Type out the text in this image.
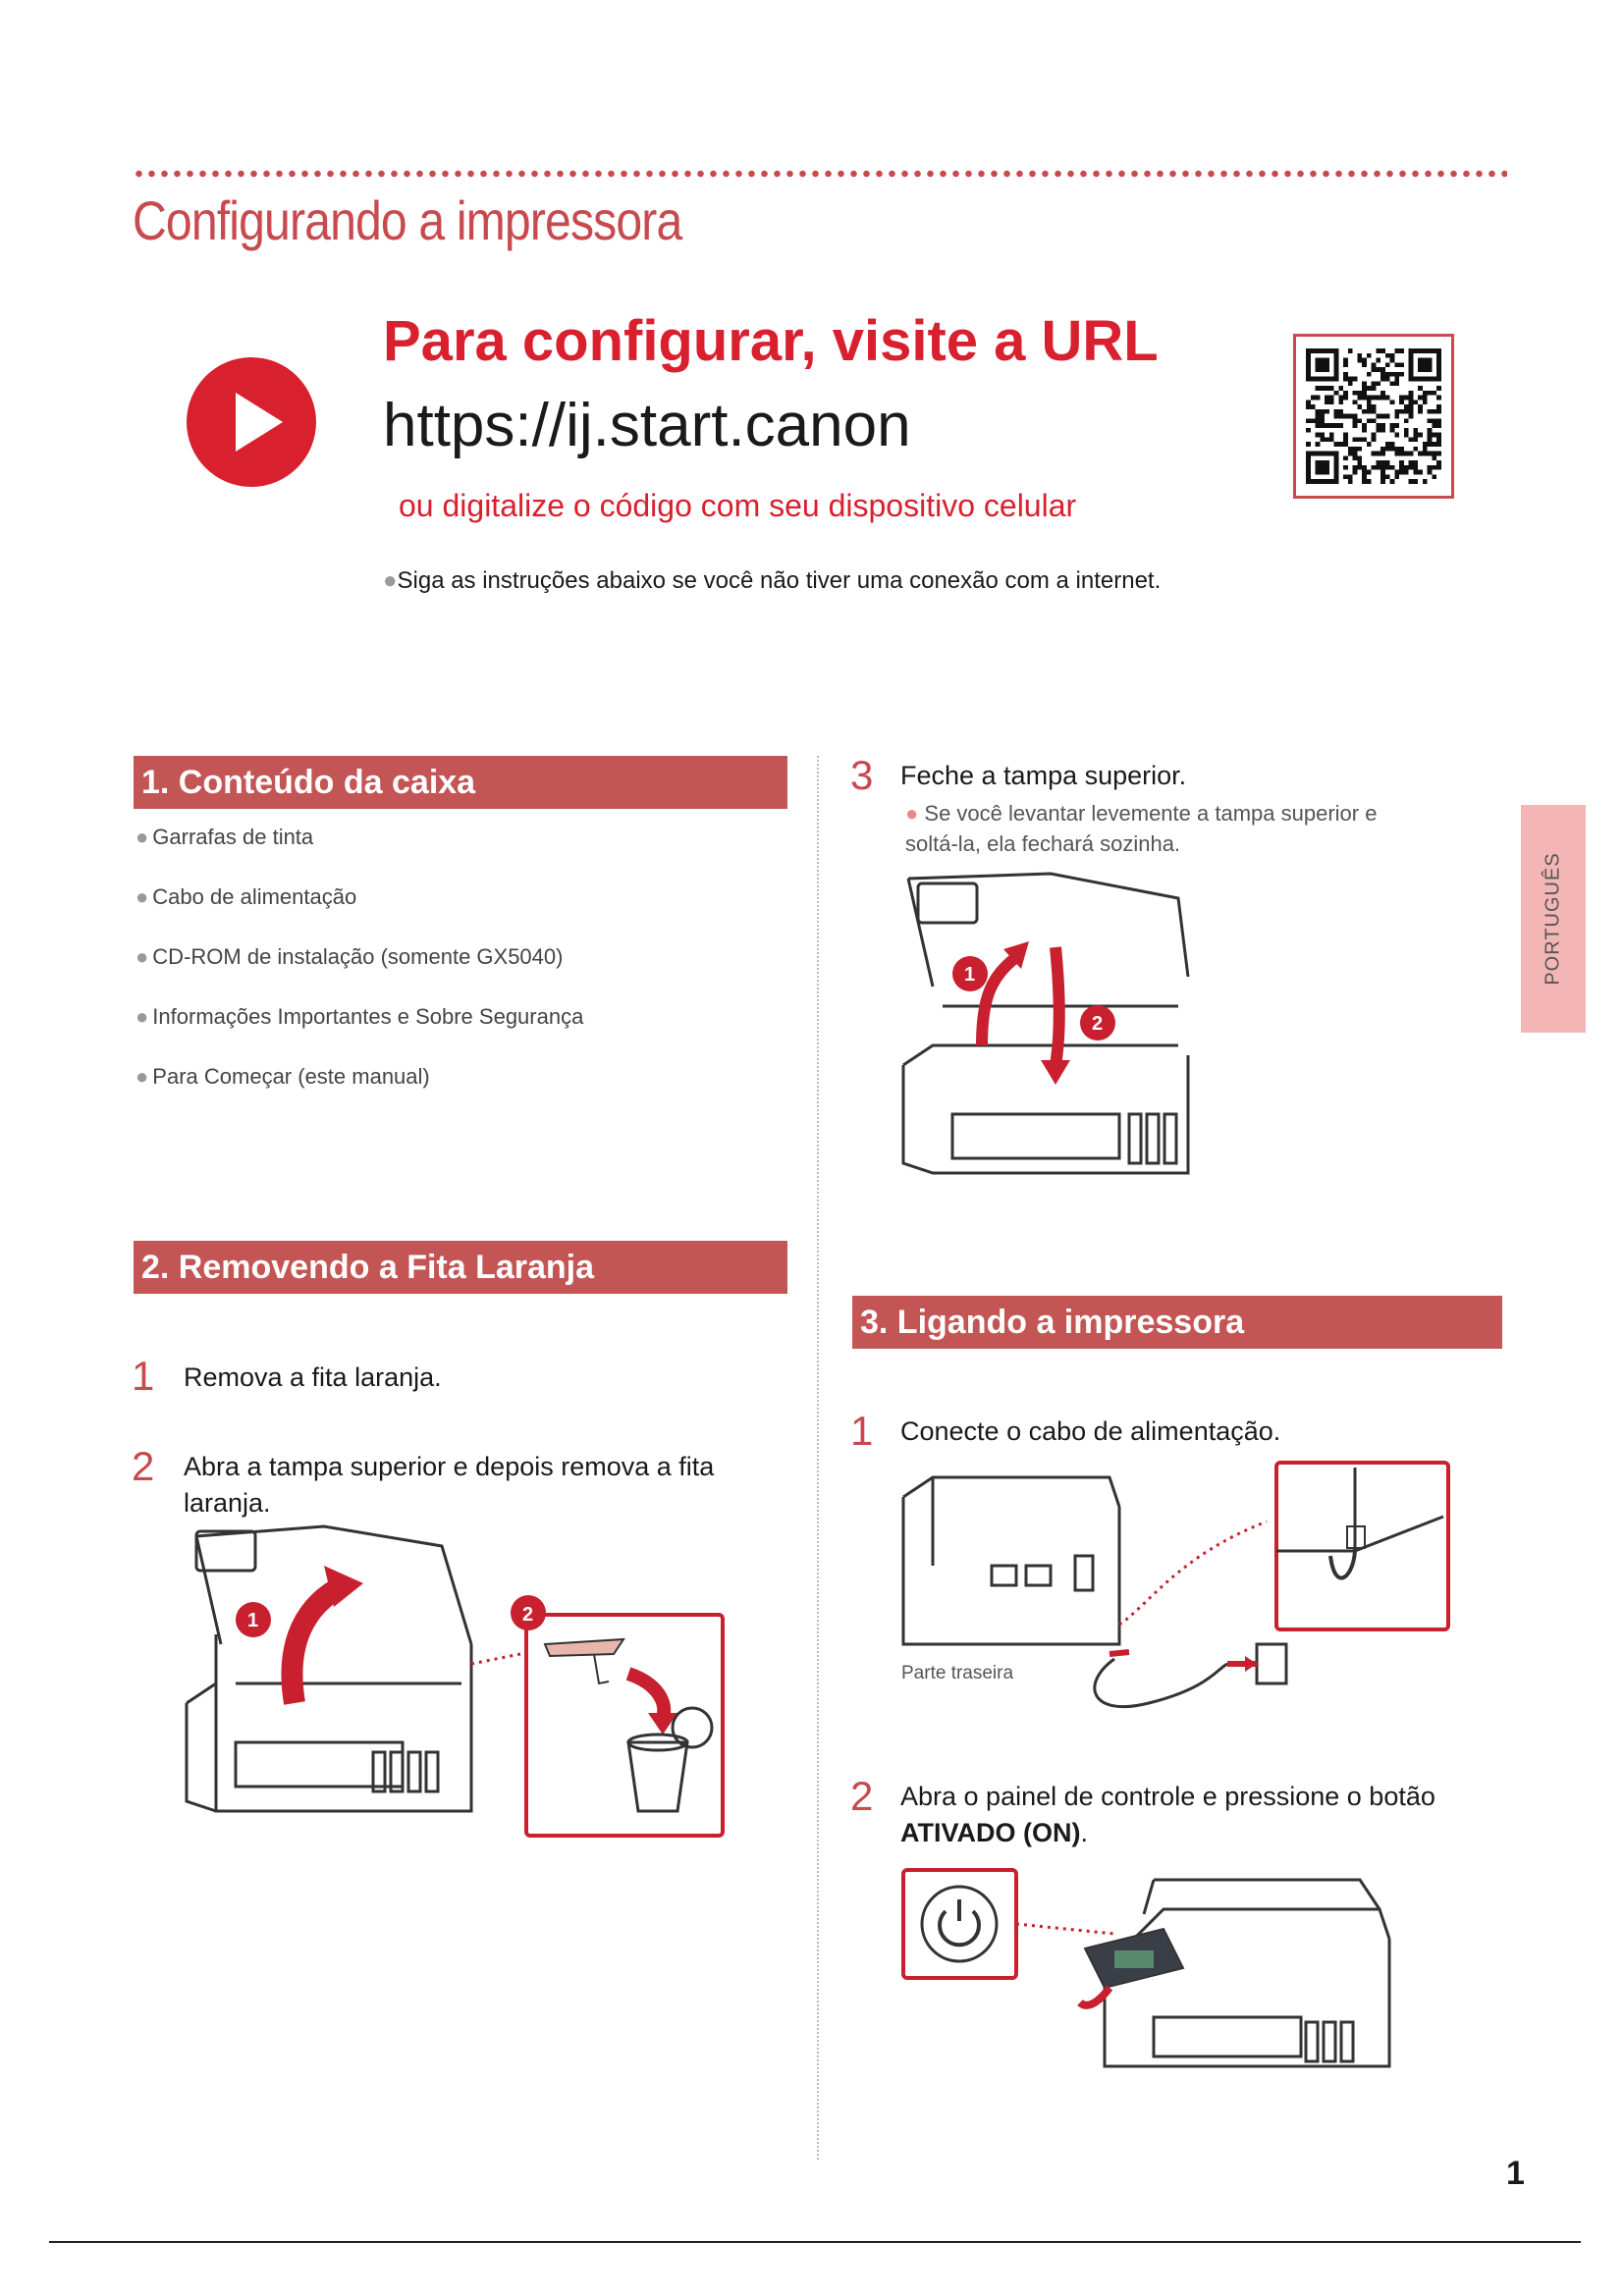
Configurando a impressora
Para configurar, visite a URL
https://ij.start.canon
ou digitalize o código com seu dispositivo celular
●Siga as instruções abaixo se você não tiver uma conexão com a internet.
1. Conteúdo da caixa
● Garrafas de tinta
● Cabo de alimentação
● CD-ROM de instalação (somente GX5040)
● Informações Importantes e Sobre Segurança
● Para Começar (este manual)
2. Removendo a Fita Laranja
1 Remova a fita laranja.
2 Abra a tampa superior e depois remova a fita laranja.
1	2
3 Feche a tampa superior.
● Se você levantar levemente a tampa superior e soltá-la, ela fechará sozinha.
1
2
3. Ligando a impressora
1 Conecte o cabo de alimentação.
Parte traseira
2 Abra o painel de controle e pressione o botão ATIVADO (ON).
PORTUGUÊS
1
